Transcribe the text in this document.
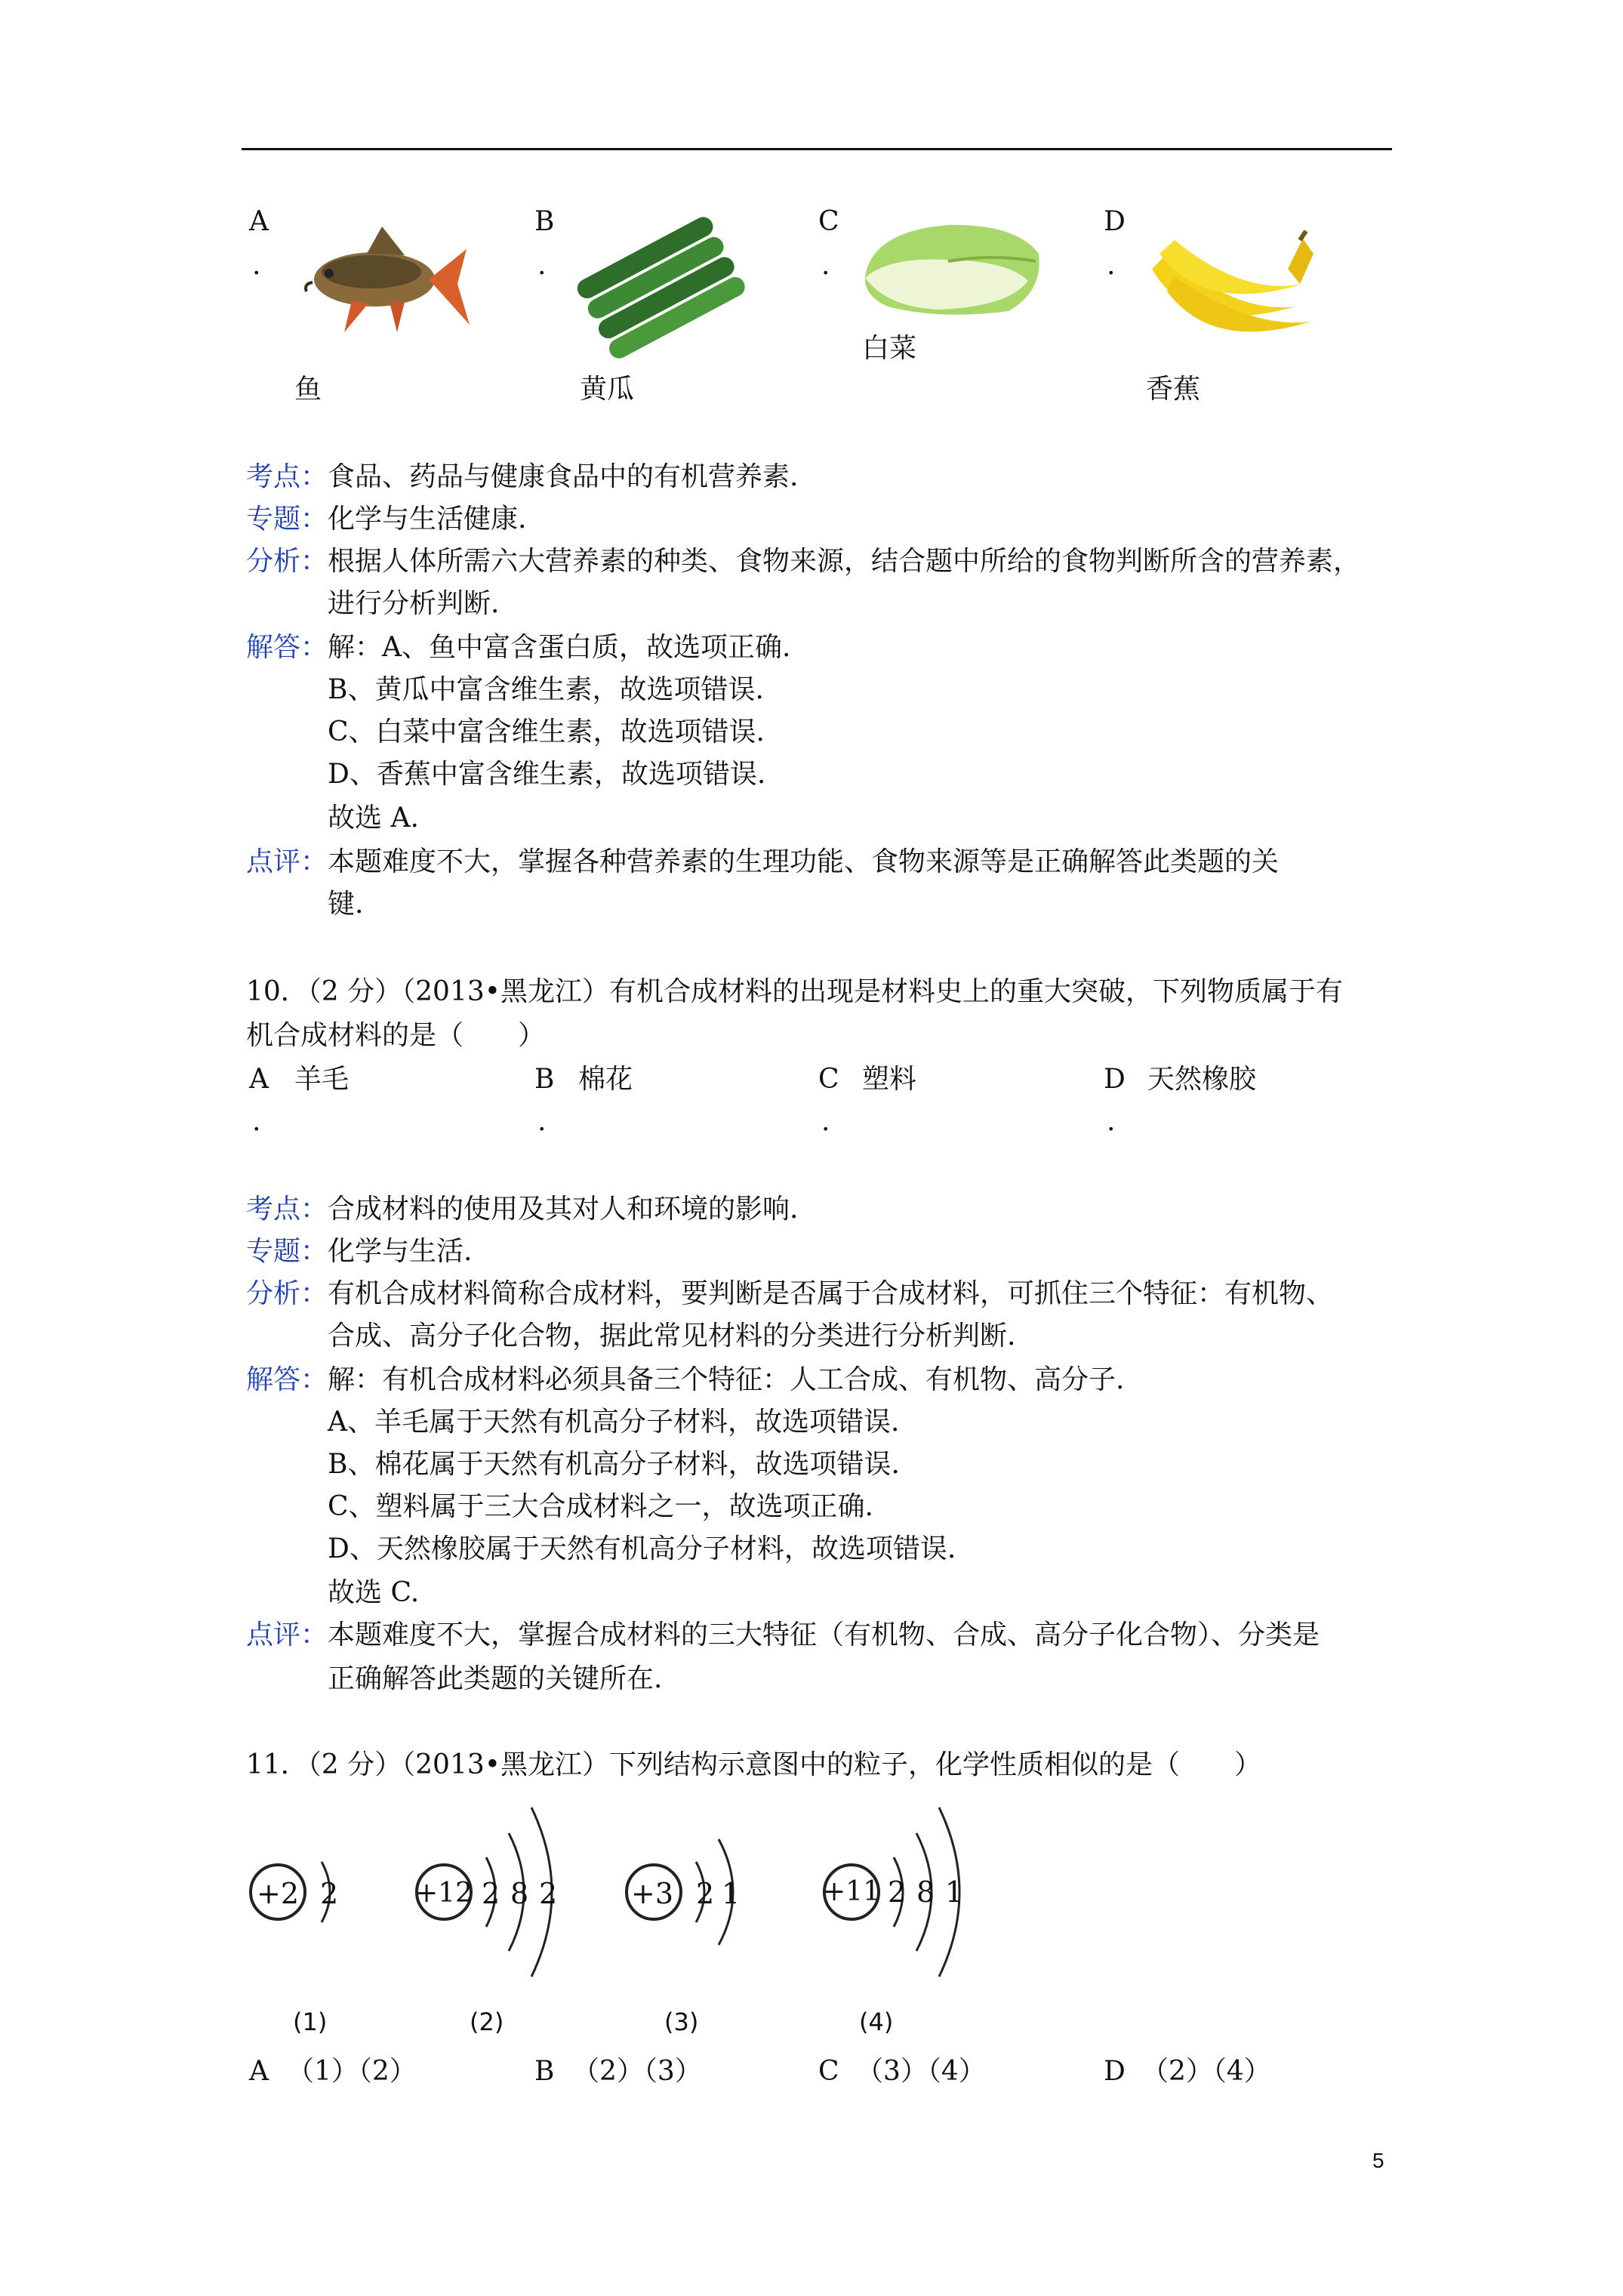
A
.
鱼
B
.
黄瓜
C
.
白菜
D
.
香蕉
考点： 食品、药品与健康食品中的有机营养素.
专题： 化学与生活健康.
分析： 根据人体所需六大营养素的种类、食物来源，结合题中所给的食物判断所含的营养素，
进行分析判断.
解答： 解：A、鱼中富含蛋白质，故选项正确.
B、黄瓜中富含维生素，故选项错误.
C、白菜中富含维生素，故选项错误.
D、香蕉中富含维生素，故选项错误.
故选 A.
点评： 本题难度不大，掌握各种营养素的生理功能、食物来源等是正确解答此类题的关
键.
10．（2 分）（2013•黑龙江）有机合成材料的出现是材料史上的重大突破，下列物质属于有
机合成材料的是（　　）
A 羊毛
.
B 棉花
.
C 塑料
.
D 天然橡胶
.
考点： 合成材料的使用及其对人和环境的影响.
专题： 化学与生活.
分析： 有机合成材料简称合成材料，要判断是否属于合成材料，可抓住三个特征：有机物、
合成、高分子化合物，据此常见材料的分类进行分析判断.
解答： 解：有机合成材料必须具备三个特征：人工合成、有机物、高分子.
A、羊毛属于天然有机高分子材料，故选项错误.
B、棉花属于天然有机高分子材料，故选项错误.
C、塑料属于三大合成材料之一，故选项正确.
D、天然橡胶属于天然有机高分子材料，故选项错误.
故选 C.
点评： 本题难度不大，掌握合成材料的三大特征（有机物、合成、高分子化合物）、分类是
正确解答此类题的关键所在.
11．（2 分）（2013•黑龙江）下列结构示意图中的粒子，化学性质相似的是（　　）
+2 2
(1)
+12 2 8 2
(2)
+3 2 1
(3)
+11 2 8 1
(4)
A （1）（2）	B （2）（3）	C （3）（4）	D （2）（4）
5
